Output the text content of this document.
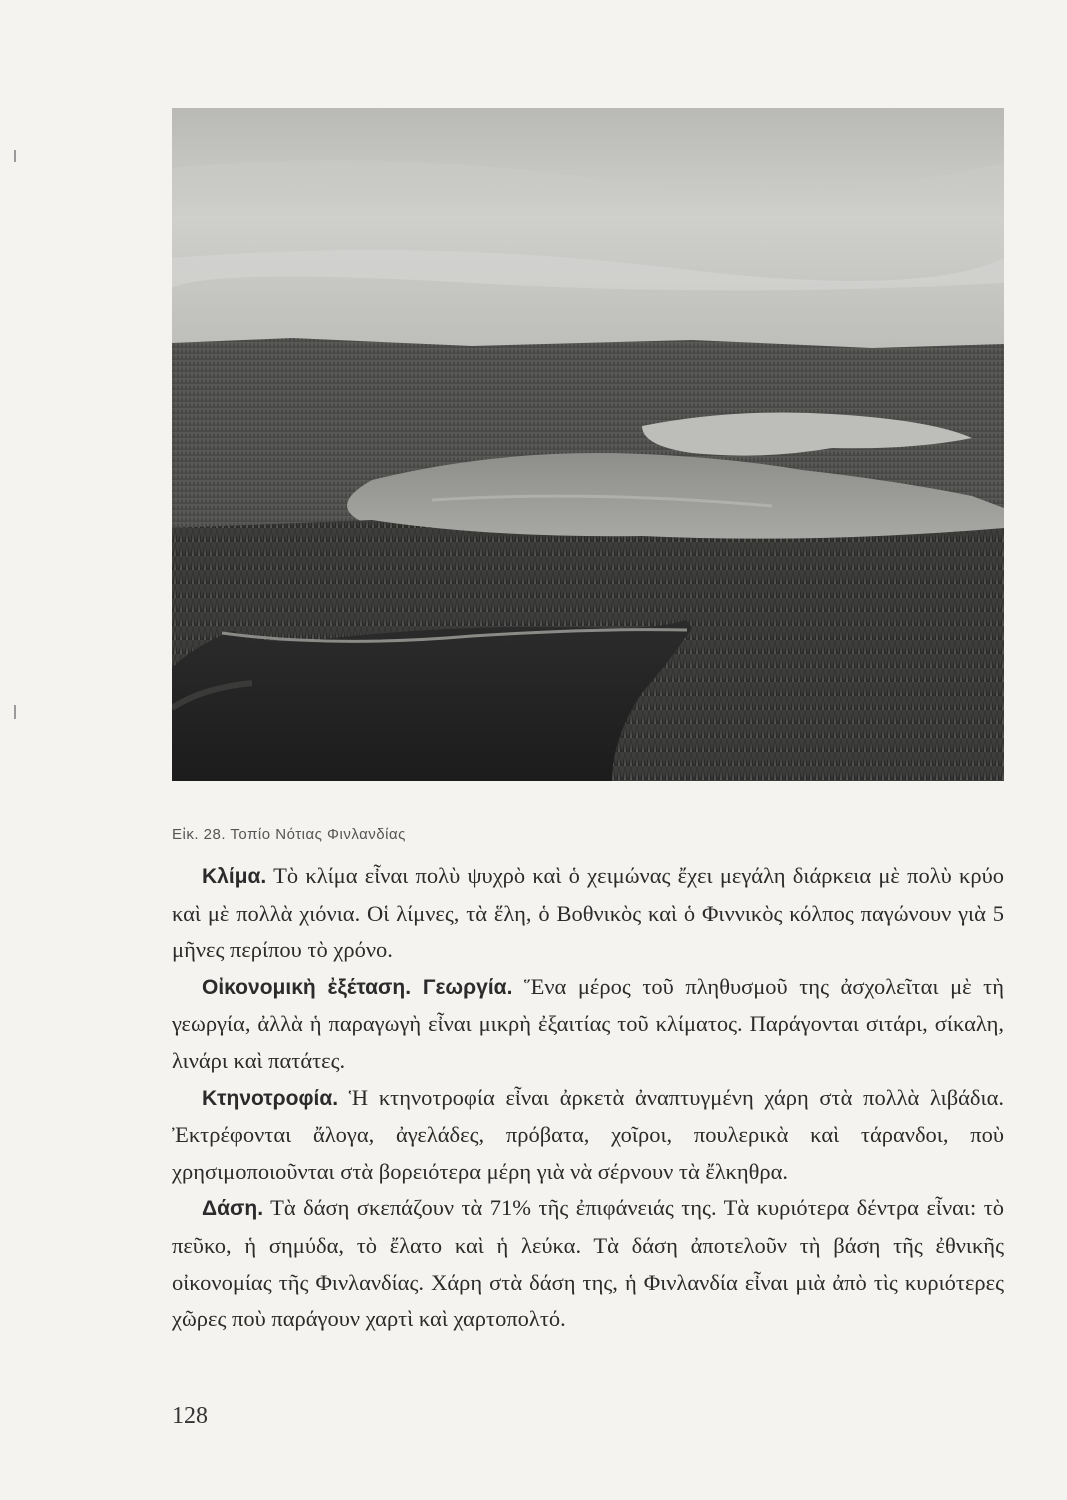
Εἰκ. 28. Τοπίο Νότιας Φινλανδίας

Κλίμα. Τὸ κλίμα εἶναι πολὺ ψυχρὸ καὶ ὁ χειμώνας ἔχει μεγάλη διάρκεια μὲ πολὺ κρύο καὶ μὲ πολλὰ χιόνια. Οἱ λίμνες, τὰ ἕλη, ὁ Βοθνικὸς καὶ ὁ Φιννικὸς κόλπος παγώνουν γιὰ 5 μῆνες περίπου τὸ χρόνο.

Οἰκονομικὴ ἐξέταση. Γεωργία. Ἕνα μέρος τοῦ πληθυσμοῦ της ἀσχολεῖται μὲ τὴ γεωργία, ἀλλὰ ἡ παραγωγὴ εἶναι μικρὴ ἐξαιτίας τοῦ κλίματος. Παράγονται σιτάρι, σίκαλη, λινάρι καὶ πατάτες.

Κτηνοτροφία. Ἡ κτηνοτροφία εἶναι ἀρκετὰ ἀναπτυγμένη χάρη στὰ πολλὰ λιβάδια. Ἐκτρέφονται ἄλογα, ἀγελάδες, πρόβατα, χοῖροι, πουλερικὰ καὶ τάρανδοι, ποὺ χρησιμοποιοῦνται στὰ βορειότερα μέρη γιὰ νὰ σέρνουν τὰ ἔλκηθρα.

Δάση. Τὰ δάση σκεπάζουν τὰ 71% τῆς ἐπιφάνειάς της. Τὰ κυριότερα δέντρα εἶναι: τὸ πεῦκο, ἡ σημύδα, τὸ ἔλατο καὶ ἡ λεύκα. Τὰ δάση ἀποτελοῦν τὴ βάση τῆς ἐθνικῆς οἰκονομίας τῆς Φινλανδίας. Χάρη στὰ δάση της, ἡ Φινλανδία εἶναι μιὰ ἀπὸ τὶς κυριότερες χῶρες ποὺ παράγουν χαρτὶ καὶ χαρτοπολτό.

128
